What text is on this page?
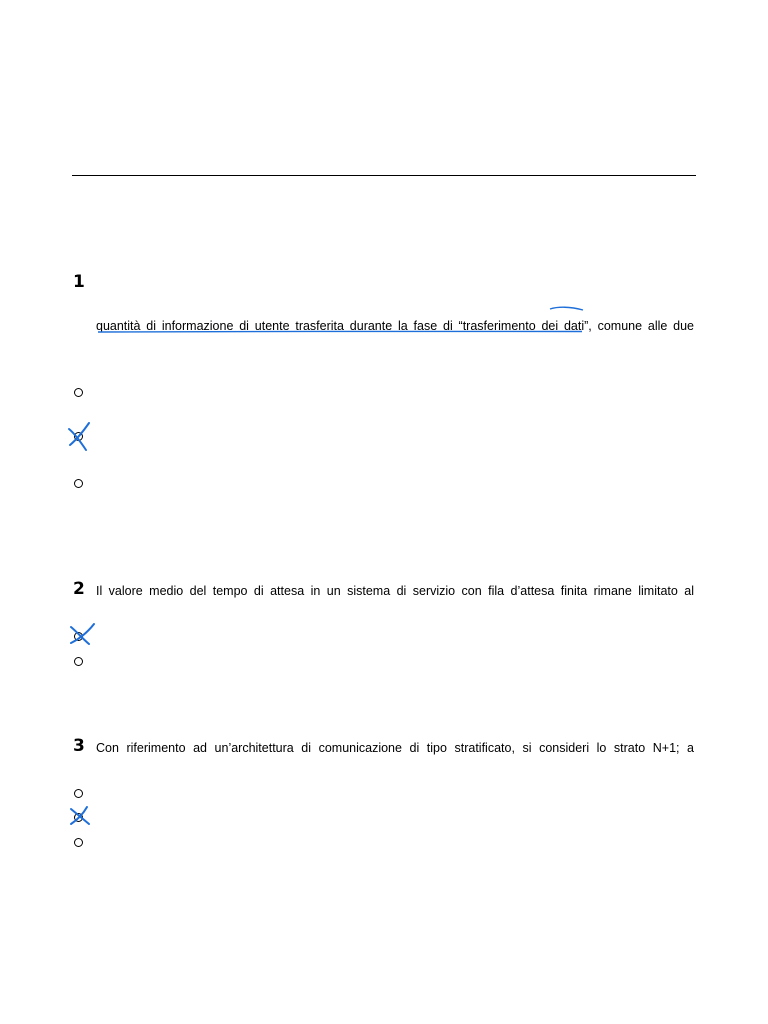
1
quantità di informazione di utente trasferita durante la fase di “trasferimento dei dati”, comune alle due
2 Il valore medio del tempo di attesa in un sistema di servizio con fila d’attesa finita rimane limitato al
3 Con riferimento ad un’architettura di comunicazione di tipo stratificato, si consideri lo strato N+1; a
